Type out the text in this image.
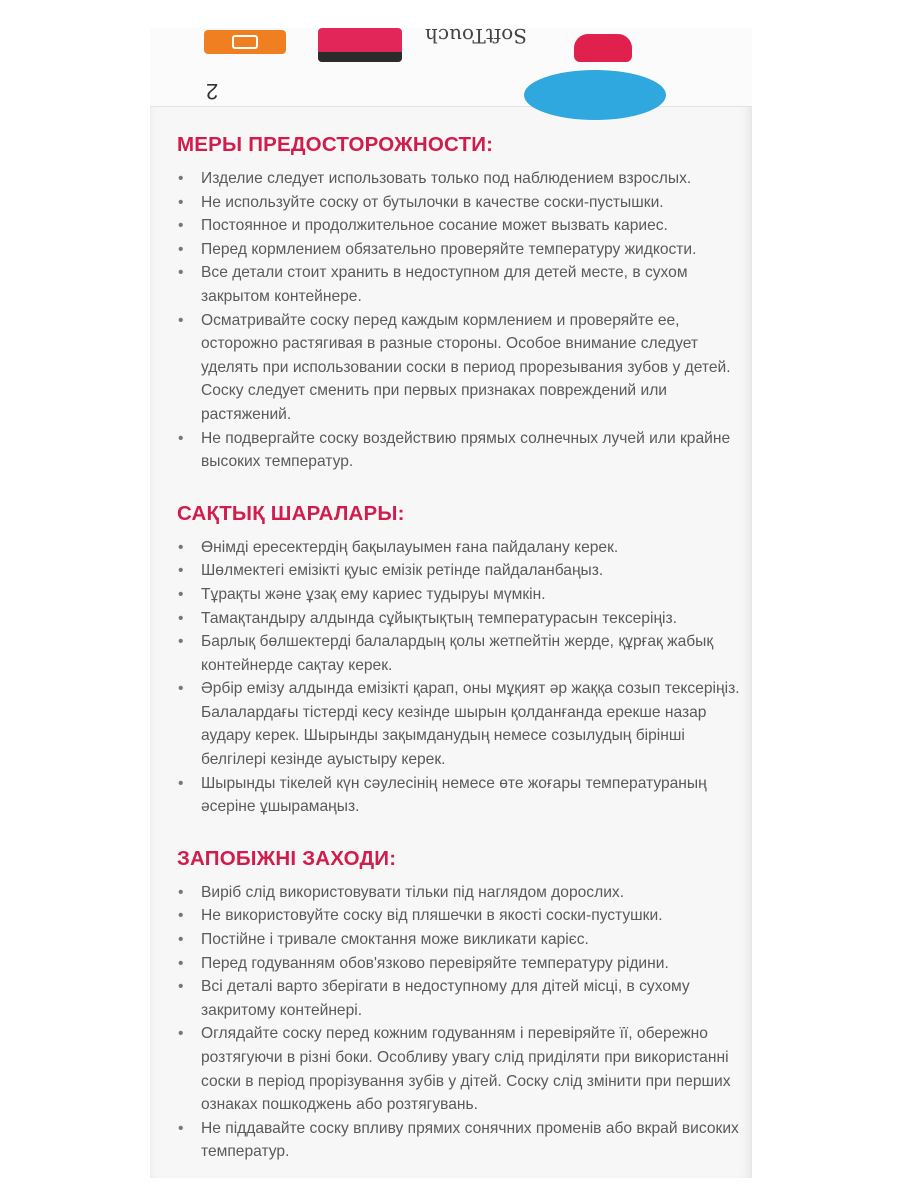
SoftTouch
2
МЕРЫ ПРЕДОСТОРОЖНОСТИ:
• Изделие следует использовать только под наблюдением взрослых.
• Не используйте соску от бутылочки в качестве соски-пустышки.
• Постоянное и продолжительное сосание может вызвать кариес.
• Перед кормлением обязательно проверяйте температуру жидкости.
• Все детали стоит хранить в недоступном для детей месте, в сухом закрытом контейнере.
• Осматривайте соску перед каждым кормлением и проверяйте ее, осторожно растягивая в разные стороны. Особое внимание следует уделять при использовании соски в период прорезывания зубов у детей. Соску следует сменить при первых признаках повреждений или растяжений.
• Не подвергайте соску воздействию прямых солнечных лучей или крайне высоких температур.
САҚТЫҚ ШАРАЛАРЫ:
• Өнімді ересектердің бақылауымен ғана пайдалану керек.
• Шөлмектегі емізікті қуыс емізік ретінде пайдаланбаңыз.
• Тұрақты және ұзақ ему кариес тудыруы мүмкін.
• Тамақтандыру алдында сұйықтықтың температурасын тексеріңіз.
• Барлық бөлшектерді балалардың қолы жетпейтін жерде, құрғақ жабық контейнерде сақтау керек.
• Әрбір емізу алдында емізікті қарап, оны мұқият әр жаққа созып тексеріңіз. Балалардағы тістерді кесу кезінде шырын қолданғанда ерекше назар аудару керек. Шырынды зақымданудың немесе созылудың бірінші белгілері кезінде ауыстыру керек.
• Шырынды тікелей күн сәулесінің немесе өте жоғары температураның әсеріне ұшырамаңыз.
ЗАПОБІЖНІ ЗАХОДИ:
• Виріб слід використовувати тільки під наглядом дорослих.
• Не використовуйте соску від пляшечки в якості соски-пустушки.
• Постійне і тривале смоктання може викликати карієс.
• Перед годуванням обов'язково перевіряйте температуру рідини.
• Всі деталі варто зберігати в недоступному для дітей місці, в сухому закритому контейнері.
• Оглядайте соску перед кожним годуванням і перевіряйте її, обережно розтягуючи в різні боки. Особливу увагу слід приділяти при використанні соски в період прорізування зубів у дітей. Соску слід змінити при перших ознаках пошкоджень або розтягувань.
• Не піддавайте соску впливу прямих сонячних променів або вкрай високих температур.
